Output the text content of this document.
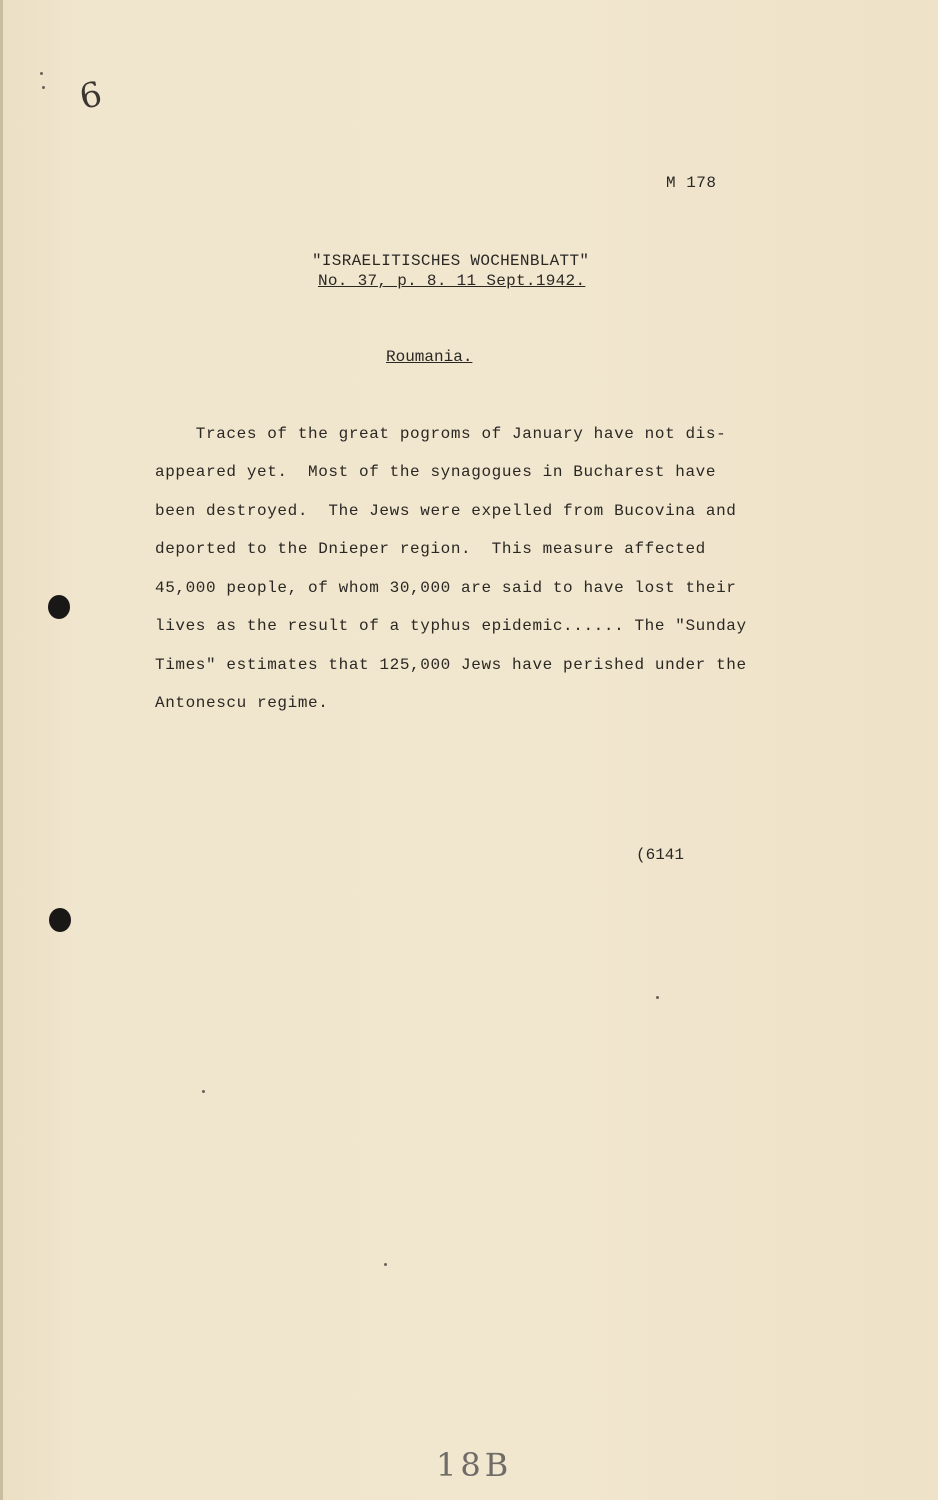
6
M 178
"ISRAELITISCHES WOCHENBLATT"
No. 37, p. 8. 11 Sept.1942.
Roumania.
Traces of the great pogroms of January have not dis-
appeared yet.  Most of the synagogues in Bucharest have
been destroyed.  The Jews were expelled from Bucovina and
deported to the Dnieper region.  This measure affected
45,000 people, of whom 30,000 are said to have lost their
lives as the result of a typhus epidemic...... The "Sunday
Times" estimates that 125,000 Jews have perished under the
Antonescu regime.
(6141
18B
